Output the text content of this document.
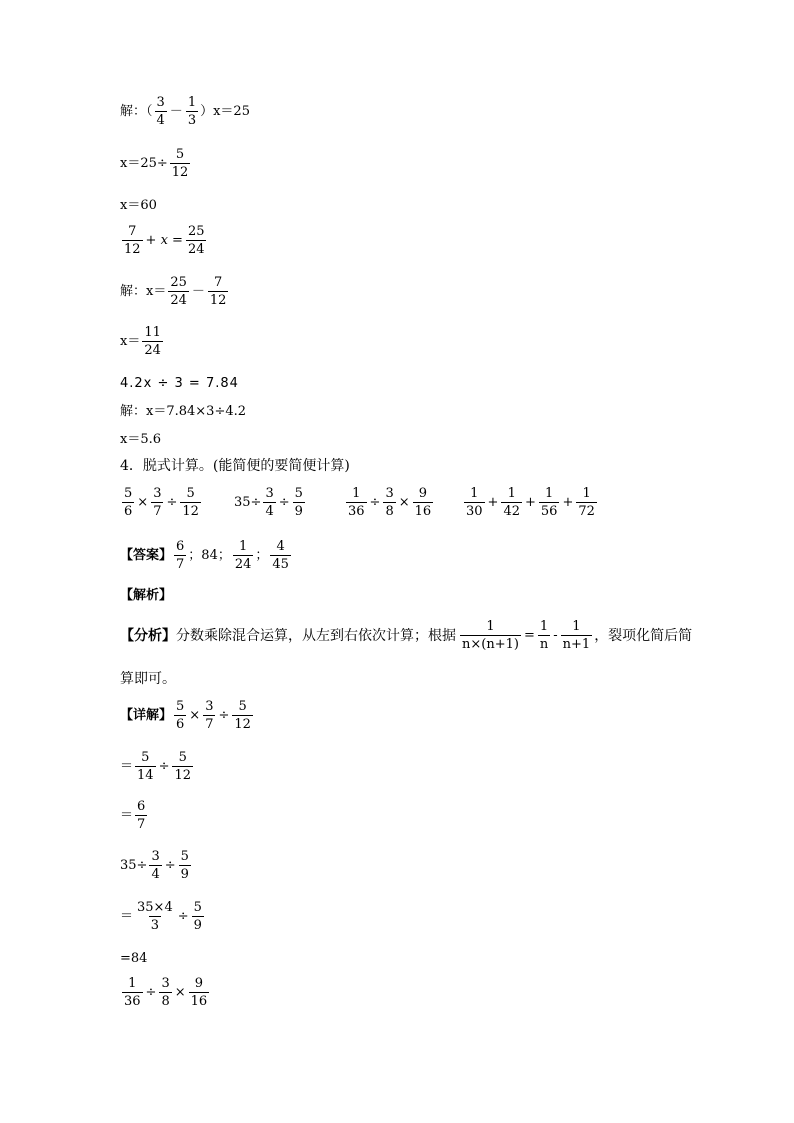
解：（ $\frac{3}{4} - \frac{1}{3} )x=25$
$x=25\div \frac{5}{12}$
x＝60
$\frac{7}{12} + x = \frac{25}{24}$
解：$x= \frac{25}{24} - \frac{7}{12}$
$x= \frac{11}{24}$
4.2x ÷ 3 = 7.84
解：x＝7.84×3÷4.2
x＝5.6
4．脱式计算。(能简便的要简便计算)
$\frac{5}{6} \times \frac{3}{7} \div \frac{5}{12}$	$35\div \frac{3}{4} \div \frac{5}{9}$	$\frac{1}{36} \div \frac{3}{8} \times \frac{9}{16} \frac{1}{30} + \frac{1}{42} + \frac{1}{56} + \frac{1}{72}$
【答案】 $\frac{6}{7}$ ；84； $\frac{1}{24}$ ； $\frac{4}{45}$
【解析】
【分析】 分数乘除混合运算，从左到右依次计算；根据 $\frac{1}{n\times(n+1)} = \frac{1}{n} - \frac{1}{n+1}$ ，裂项化简后简
算即可。
【详解】 $\frac{5}{6} \times \frac{3}{7} \div \frac{5}{12}$
＝ $\frac{5}{14} \div \frac{5}{12}$
＝ $\frac{6}{7}$
$35\div \frac{3}{4} \div \frac{5}{9}$
＝ $\frac{35\times 4}{3} \div \frac{5}{9}$
=84
$\frac{1}{36} \div \frac{3}{8} \times \frac{9}{16}$
